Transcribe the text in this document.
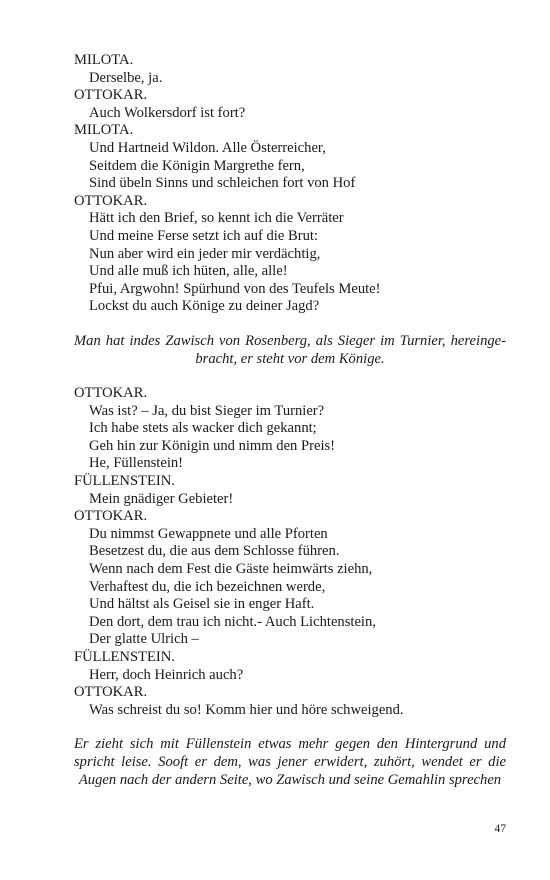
MILOTA.
Derselbe, ja.
OTTOKAR.
Auch Wolkersdorf ist fort?
MILOTA.
Und Hartneid Wildon. Alle Österreicher,
Seitdem die Königin Margrethe fern,
Sind übeln Sinns und schleichen fort von Hof
OTTOKAR.
Hätt ich den Brief, so kennt ich die Verräter
Und meine Ferse setzt ich auf die Brut:
Nun aber wird ein jeder mir verdächtig,
Und alle muß ich hüten, alle, alle!
Pfui, Argwohn! Spürhund von des Teufels Meute!
Lockst du auch Könige zu deiner Jagd?

Man hat indes Zawisch von Rosenberg, als Sieger im Turnier, hereinge-bracht, er steht vor dem Könige.

OTTOKAR.
Was ist? – Ja, du bist Sieger im Turnier?
Ich habe stets als wacker dich gekannt;
Geh hin zur Königin und nimm den Preis!
He, Füllenstein!
FÜLLENSTEIN.
Mein gnädiger Gebieter!
OTTOKAR.
Du nimmst Gewappnete und alle Pforten
Besetzest du, die aus dem Schlosse führen.
Wenn nach dem Fest die Gäste heimwärts ziehn,
Verhaftest du, die ich bezeichnen werde,
Und hältst als Geisel sie in enger Haft.
Den dort, dem trau ich nicht.- Auch Lichtenstein,
Der glatte Ulrich –
FÜLLENSTEIN.
Herr, doch Heinrich auch?
OTTOKAR.
Was schreist du so! Komm hier und höre schweigend.

Er zieht sich mit Füllenstein etwas mehr gegen den Hintergrund und spricht leise. Sooft er dem, was jener erwidert, zuhört, wendet er die Augen nach der andern Seite, wo Zawisch und seine Gemahlin sprechen

47
